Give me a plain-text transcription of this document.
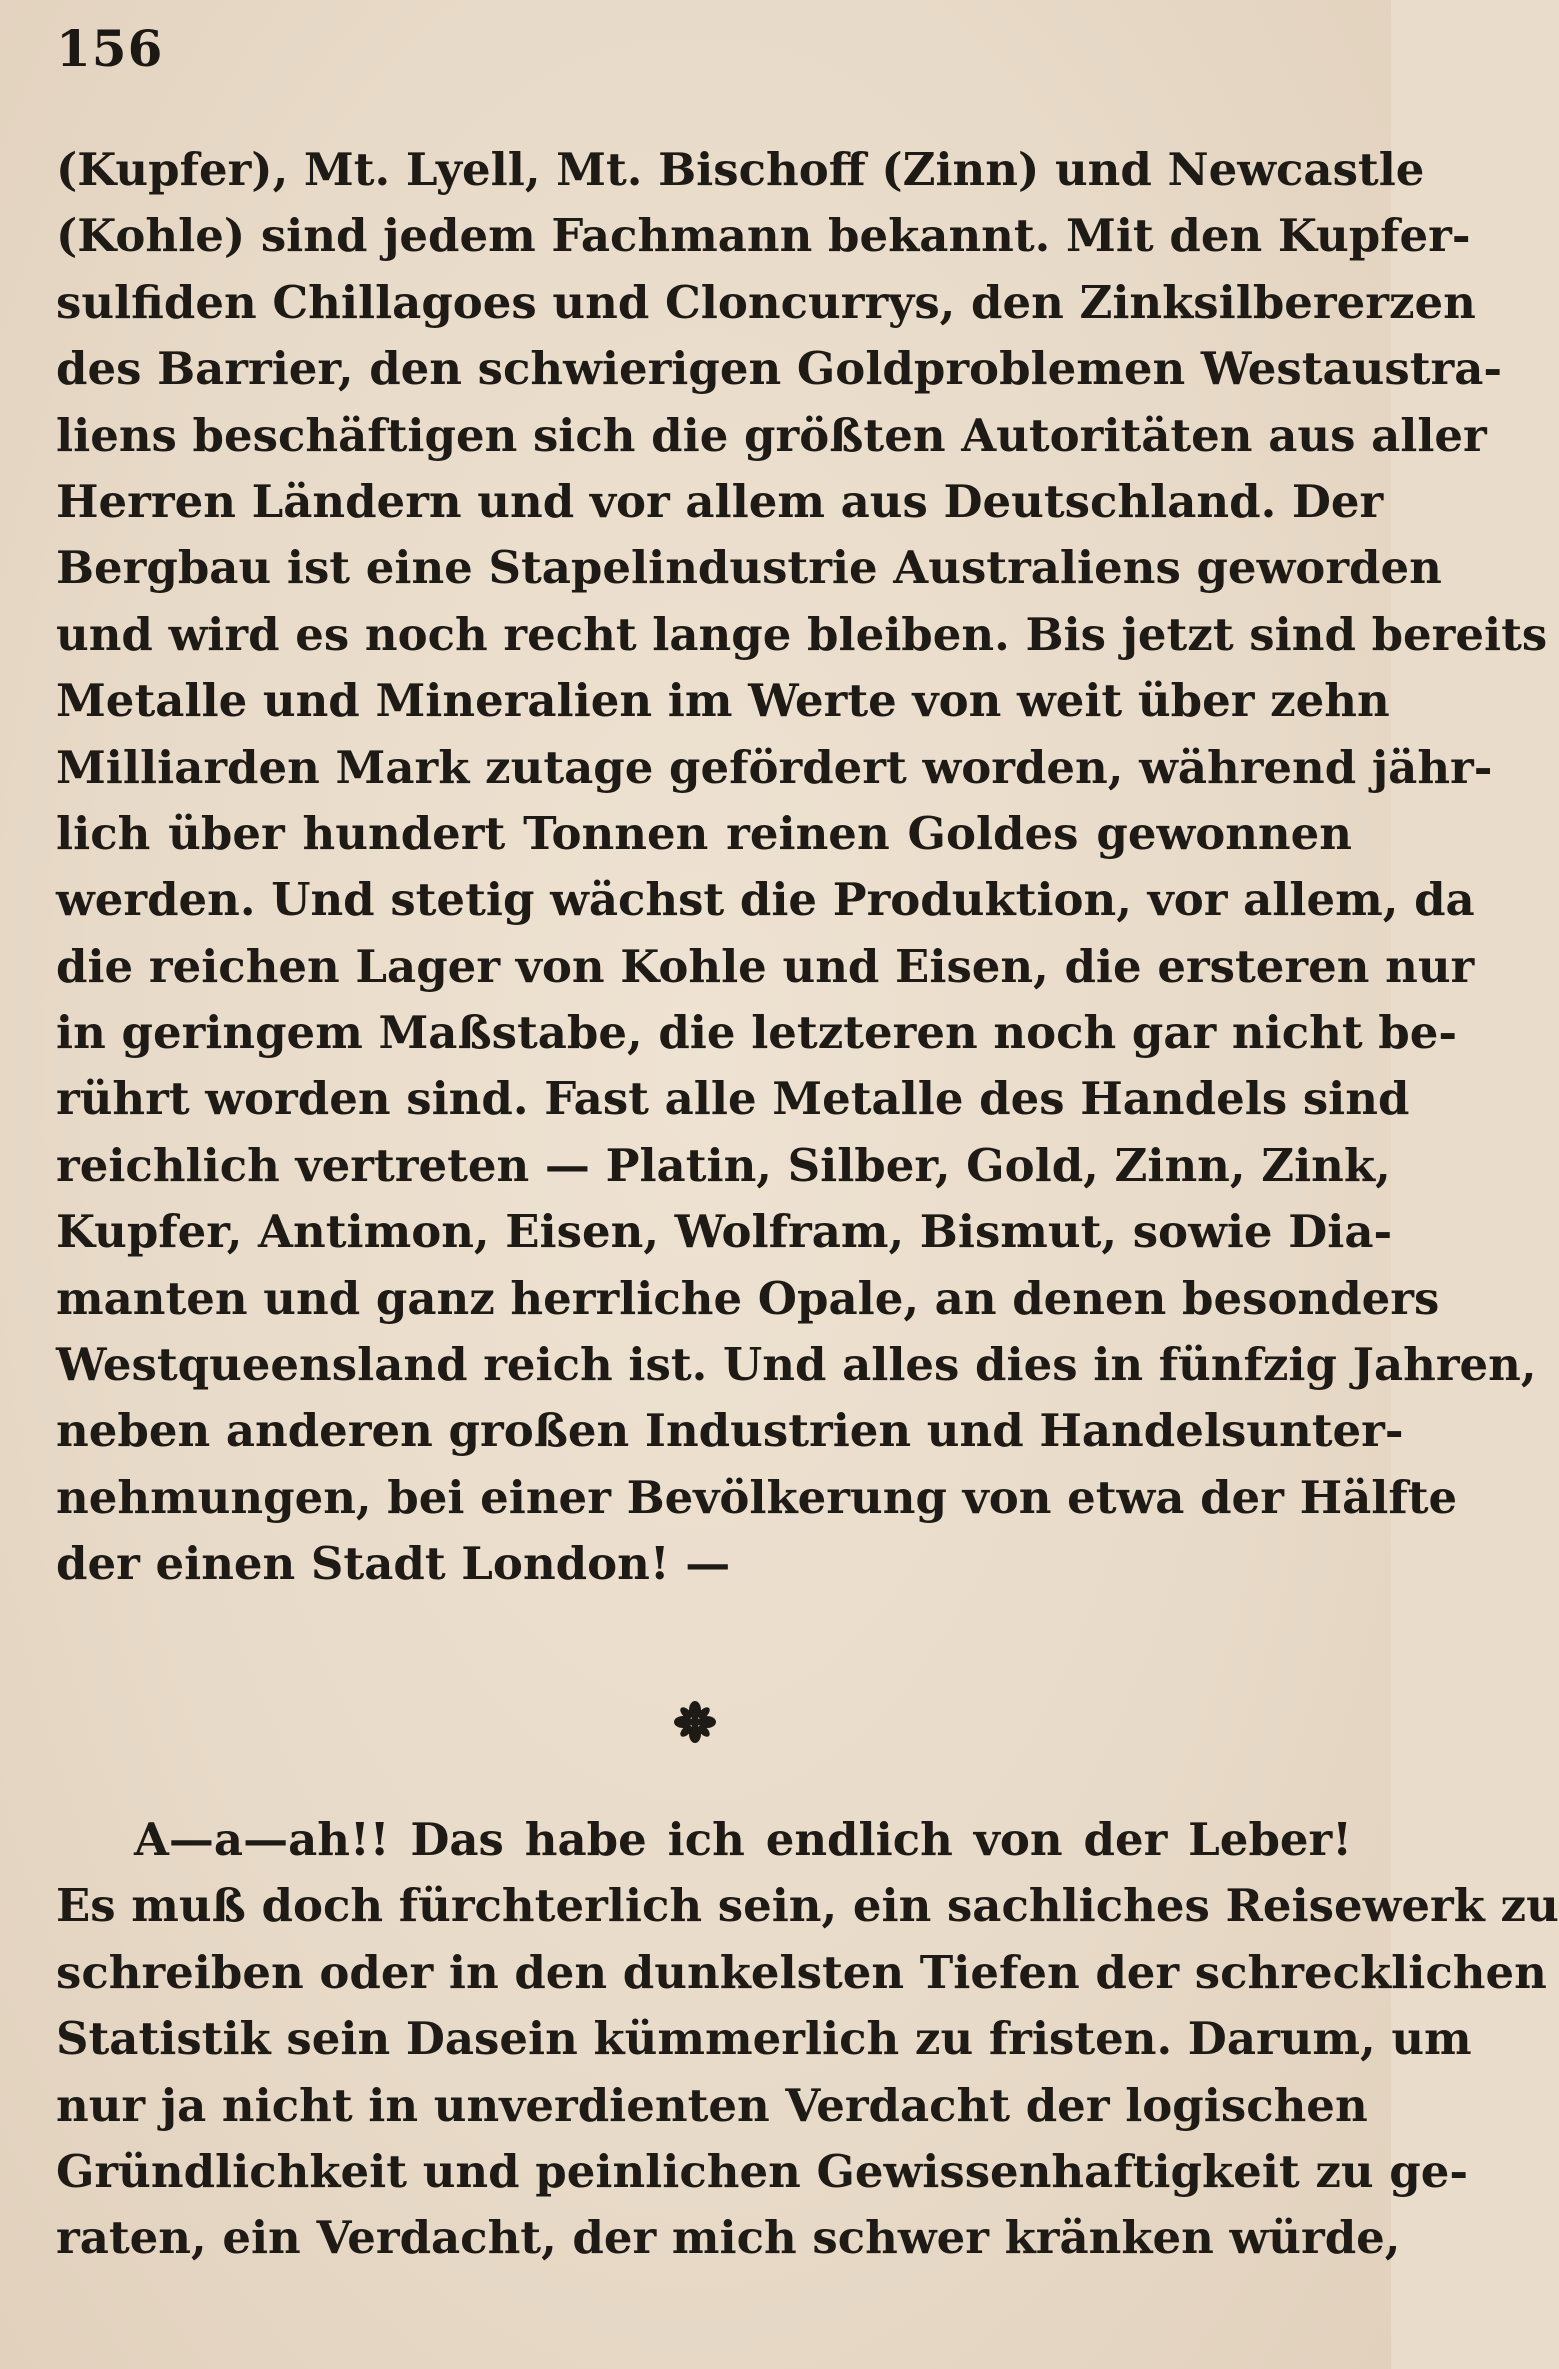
156
(Kupfer), Mt. Lyell, Mt. Bischoff (Zinn) und Newcastle
(Kohle) sind jedem Fachmann bekannt. Mit den Kupfer-
sulfiden Chillagoes und Cloncurrys, den Zinksilbererzen
des Barrier, den schwierigen Goldproblemen Westaustra-
liens beschäftigen sich die größten Autoritäten aus aller
Herren Ländern und vor allem aus Deutschland. Der
Bergbau ist eine Stapelindustrie Australiens geworden
und wird es noch recht lange bleiben. Bis jetzt sind bereits
Metalle und Mineralien im Werte von weit über zehn
Milliarden Mark zutage gefördert worden, während jähr-
lich über hundert Tonnen reinen Goldes gewonnen
werden. Und stetig wächst die Produktion, vor allem, da
die reichen Lager von Kohle und Eisen, die ersteren nur
in geringem Maßstabe, die letzteren noch gar nicht be-
rührt worden sind. Fast alle Metalle des Handels sind
reichlich vertreten — Platin, Silber, Gold, Zinn, Zink,
Kupfer, Antimon, Eisen, Wolfram, Bismut, sowie Dia-
manten und ganz herrliche Opale, an denen besonders
Westqueensland reich ist. Und alles dies in fünfzig Jahren,
neben anderen großen Industrien und Handelsunter-
nehmungen, bei einer Bevölkerung von etwa der Hälfte
der einen Stadt London! —
A—a—ah!! Das habe ich endlich von der Leber!
Es muß doch fürchterlich sein, ein sachliches Reisewerk zu
schreiben oder in den dunkelsten Tiefen der schrecklichen
Statistik sein Dasein kümmerlich zu fristen. Darum, um
nur ja nicht in unverdienten Verdacht der logischen
Gründlichkeit und peinlichen Gewissenhaftigkeit zu ge-
raten, ein Verdacht, der mich schwer kränken würde,
